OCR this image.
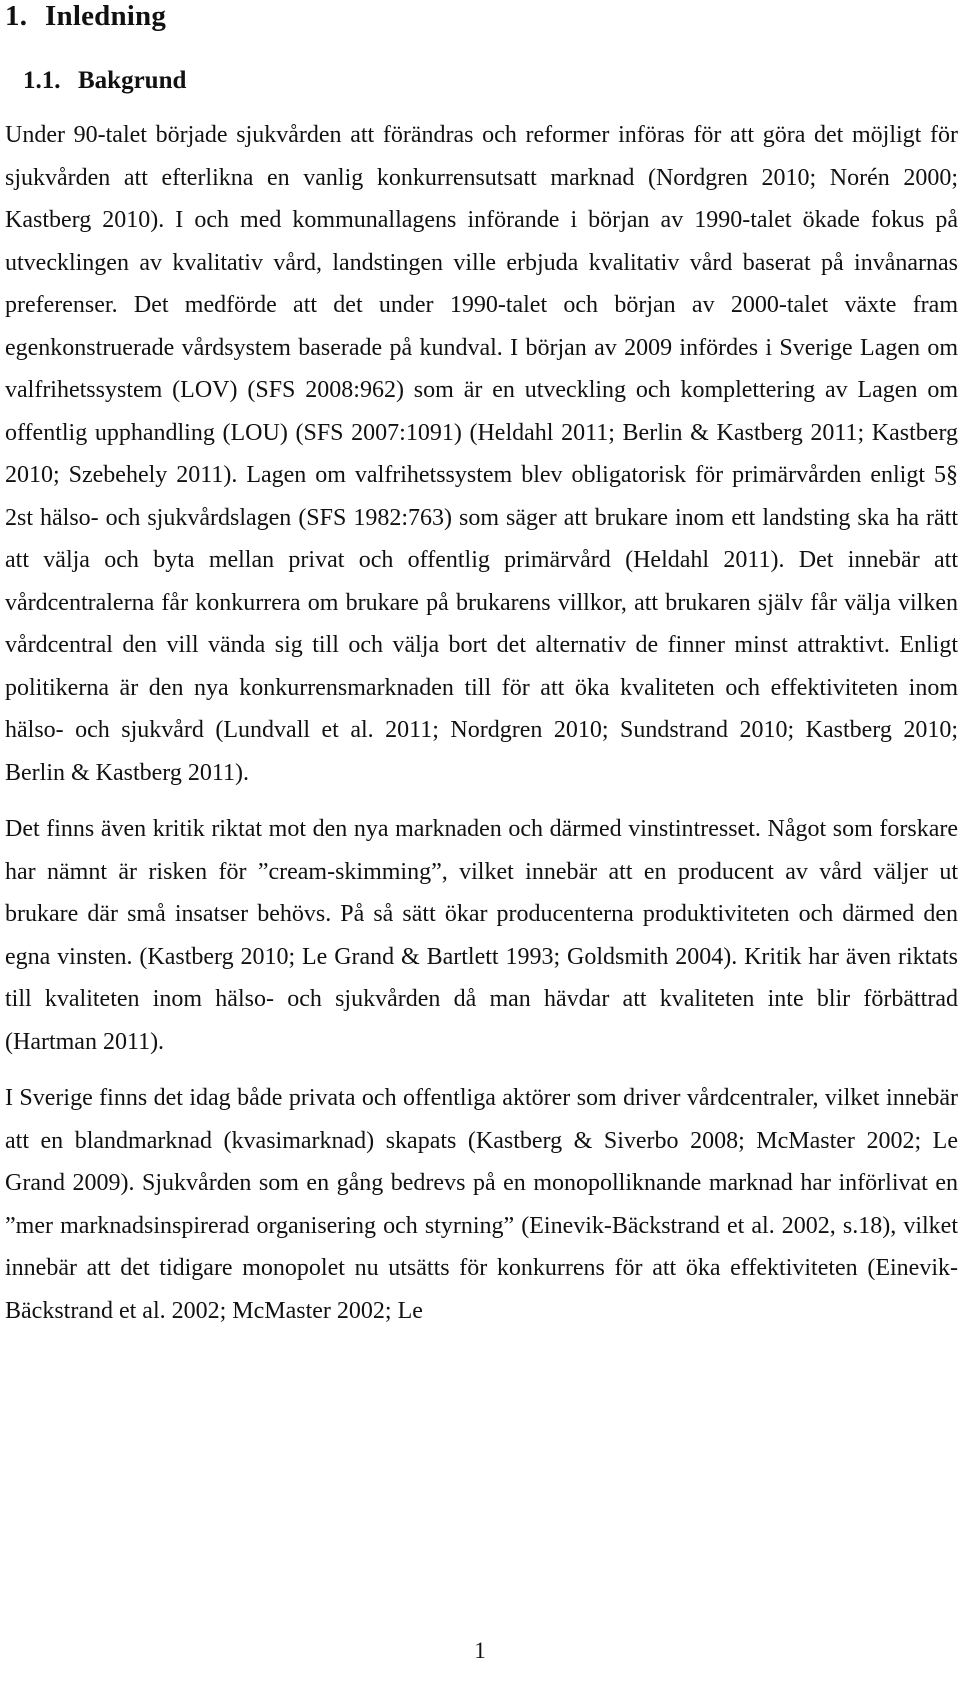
1. Inledning
1.1. Bakgrund

Under 90-talet började sjukvården att förändras och reformer införas för att göra det möjligt för sjukvården att efterlikna en vanlig konkurrensutsatt marknad (Nordgren 2010; Norén 2000; Kastberg 2010). I och med kommunallagens införande i början av 1990-talet ökade fokus på utvecklingen av kvalitativ vård, landstingen ville erbjuda kvalitativ vård baserat på invånarnas preferenser. Det medförde att det under 1990-talet och början av 2000-talet växte fram egenkonstruerade vårdsystem baserade på kundval. I början av 2009 infördes i Sverige Lagen om valfrihetssystem (LOV) (SFS 2008:962) som är en utveckling och komplettering av Lagen om offentlig upphandling (LOU) (SFS 2007:1091) (Heldahl 2011; Berlin & Kastberg 2011; Kastberg 2010; Szebehely 2011). Lagen om valfrihetssystem blev obligatorisk för primärvården enligt 5§ 2st hälso- och sjukvårdslagen (SFS 1982:763) som säger att brukare inom ett landsting ska ha rätt att välja och byta mellan privat och offentlig primärvård (Heldahl 2011). Det innebär att vårdcentralerna får konkurrera om brukare på brukarens villkor, att brukaren själv får välja vilken vårdcentral den vill vända sig till och välja bort det alternativ de finner minst attraktivt. Enligt politikerna är den nya konkurrensmarknaden till för att öka kvaliteten och effektiviteten inom hälso- och sjukvård (Lundvall et al. 2011; Nordgren 2010; Sundstrand 2010; Kastberg 2010; Berlin & Kastberg 2011).

Det finns även kritik riktat mot den nya marknaden och därmed vinstintresset. Något som forskare har nämnt är risken för ”cream-skimming”, vilket innebär att en producent av vård väljer ut brukare där små insatser behövs. På så sätt ökar producenterna produktiviteten och därmed den egna vinsten. (Kastberg 2010; Le Grand & Bartlett 1993; Goldsmith 2004). Kritik har även riktats till kvaliteten inom hälso- och sjukvården då man hävdar att kvaliteten inte blir förbättrad (Hartman 2011).

I Sverige finns det idag både privata och offentliga aktörer som driver vårdcentraler, vilket innebär att en blandmarknad (kvasimarknad) skapats (Kastberg & Siverbo 2008; McMaster 2002; Le Grand 2009). Sjukvården som en gång bedrevs på en monopolliknande marknad har införlivat en ”mer marknadsinspirerad organisering och styrning” (Einevik-Bäckstrand et al. 2002, s.18), vilket innebär att det tidigare monopolet nu utsätts för konkurrens för att öka effektiviteten (Einevik-Bäckstrand et al. 2002; McMaster 2002; Le

1
